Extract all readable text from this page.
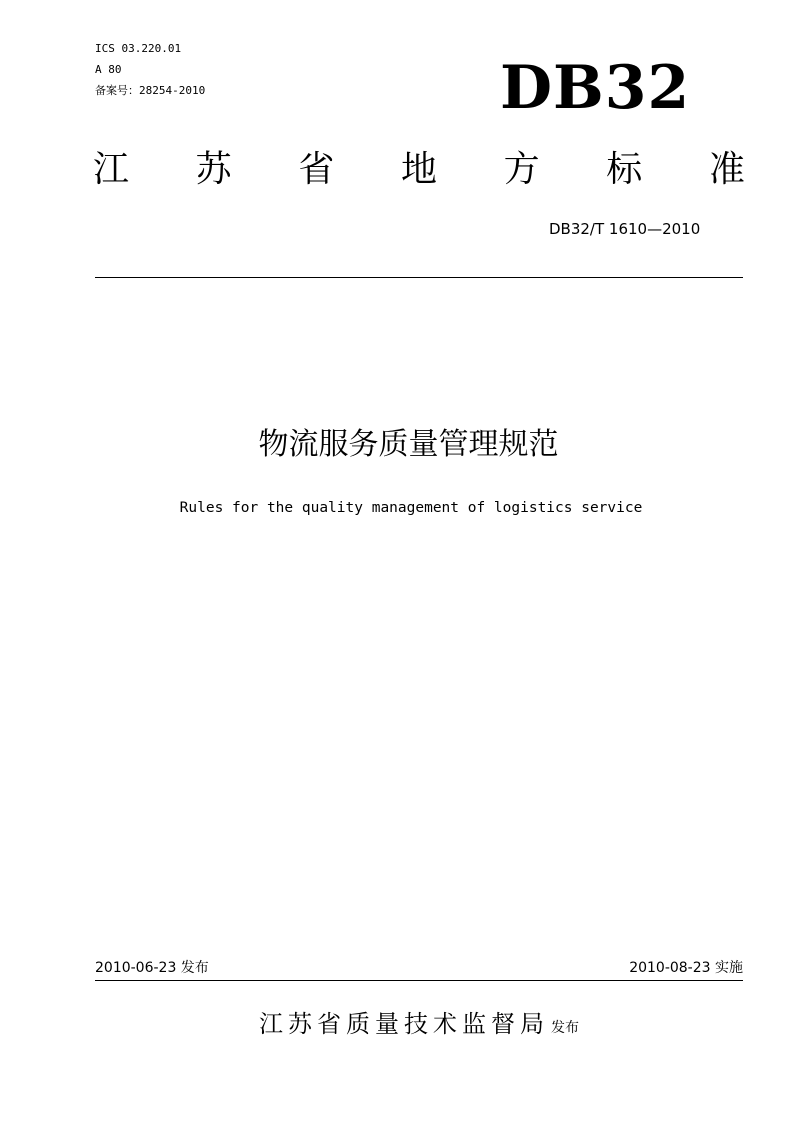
ICS 03.220.01
A 80
备案号：28254-2010	DB32
江 苏 省 地 方 标 准
DB32/T 1610—2010
物流服务质量管理规范
Rules for the quality management of logistics service
2010-06-23 发布	2010-08-23 实施
江苏省质量技术监督局 发布
